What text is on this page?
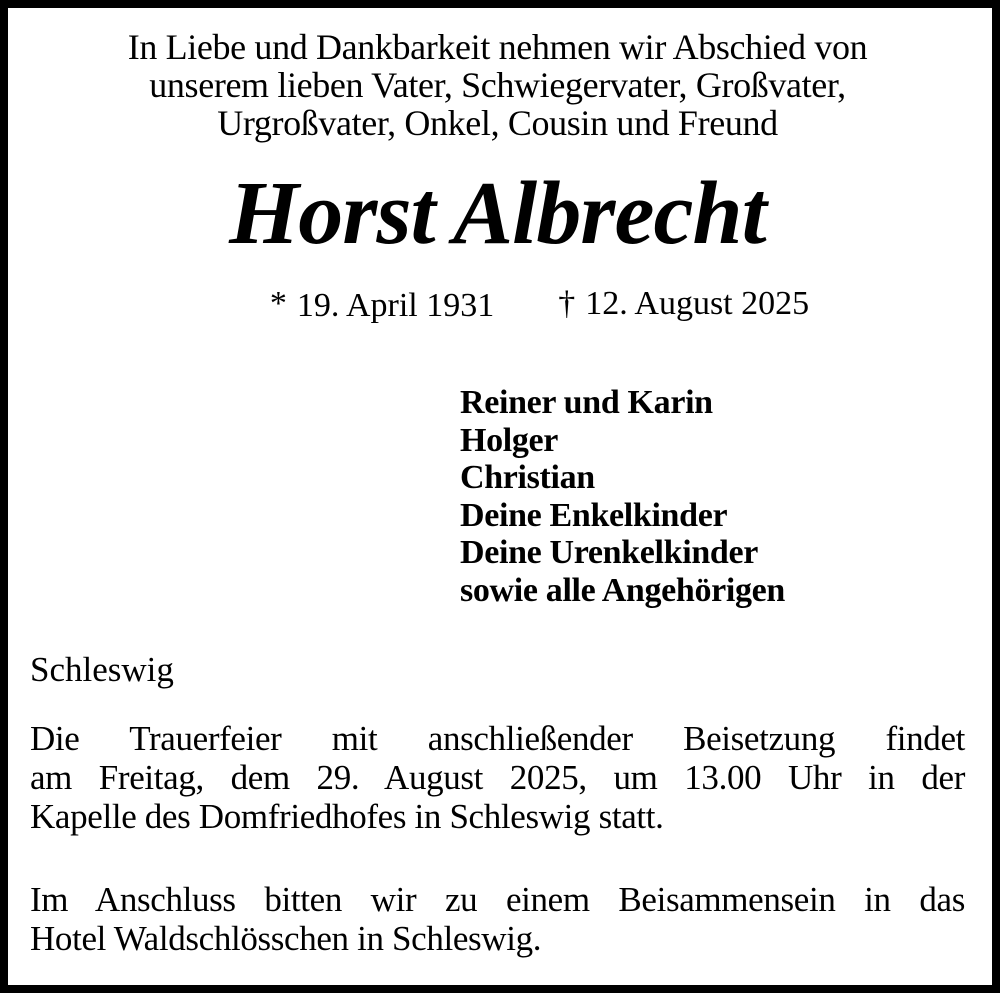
In Liebe und Dankbarkeit nehmen wir Abschied von
unserem lieben Vater, Schwiegervater, Großvater,
Urgroßvater, Onkel, Cousin und Freund
Horst Albrecht
* 19. April 1931 † 12. August 2025
Reiner und Karin
Holger
Christian
Deine Enkelkinder
Deine Urenkelkinder
sowie alle Angehörigen
Schleswig
Die Trauerfeier mit anschließender Beisetzung findet
am Freitag, dem 29. August 2025, um 13.00 Uhr in der
Kapelle des Domfriedhofes in Schleswig statt.
Im Anschluss bitten wir zu einem Beisammensein in das
Hotel Waldschlösschen in Schleswig.
